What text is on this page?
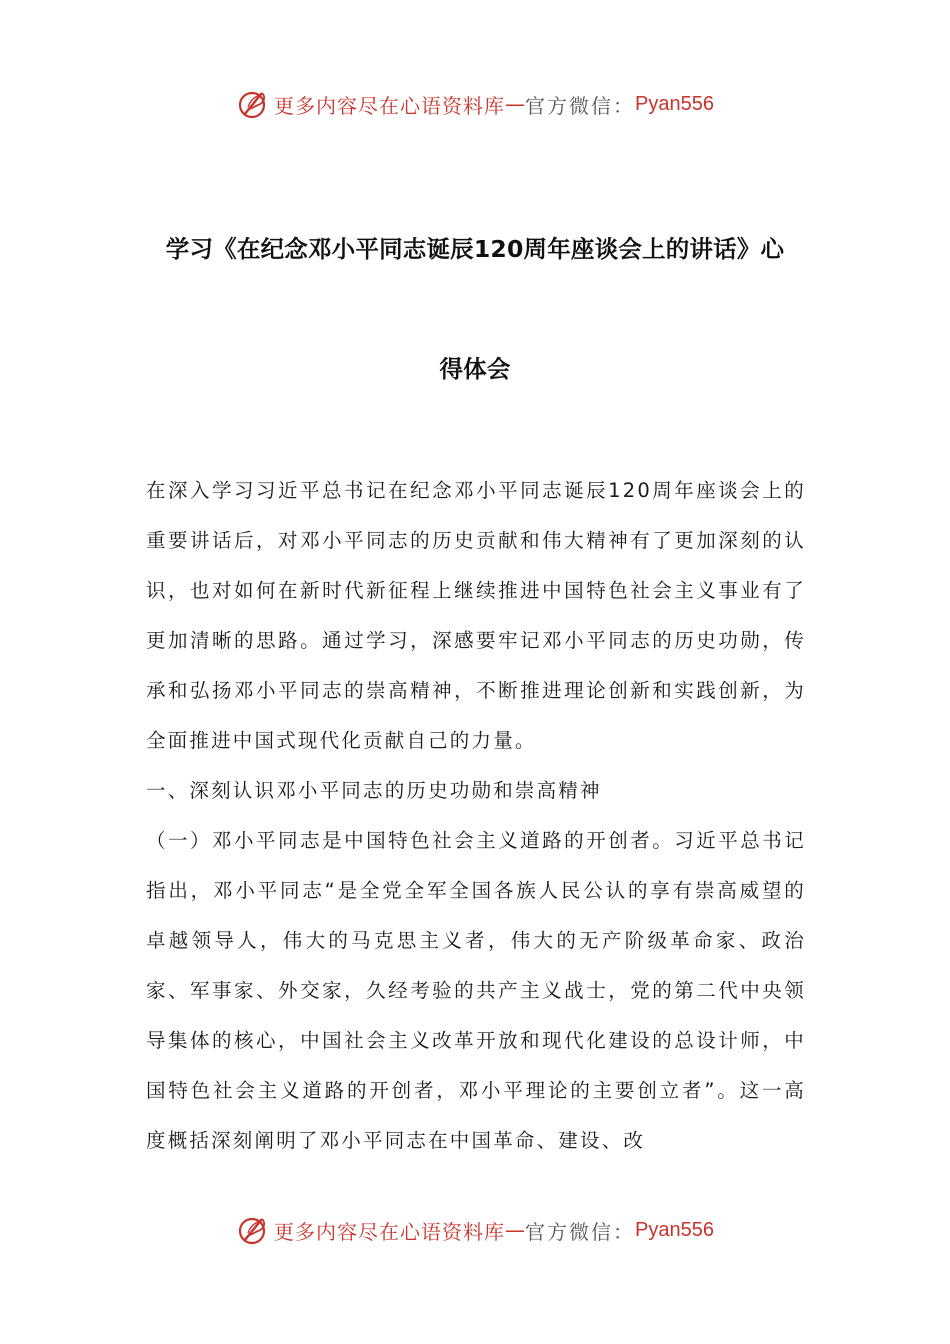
更多内容尽在心语资料库 — 官方微信： Pyan556
学习《在纪念邓小平同志诞辰120周年座谈会上的讲话》心
得体会

在深入学习习近平总书记在纪念邓小平同志诞辰120周年座谈会上的重要讲话后，对邓小平同志的历史贡献和伟大精神有了更加深刻的认识，也对如何在新时代新征程上继续推进中国特色社会主义事业有了更加清晰的思路。通过学习，深感要牢记邓小平同志的历史功勋，传承和弘扬邓小平同志的崇高精神，不断推进理论创新和实践创新，为全面推进中国式现代化贡献自己的力量。

一、深刻认识邓小平同志的历史功勋和崇高精神

（一）邓小平同志是中国特色社会主义道路的开创者。习近平总书记指出，邓小平同志“是全党全军全国各族人民公认的享有崇高威望的卓越领导人，伟大的马克思主义者，伟大的无产阶级革命家、政治家、军事家、外交家，久经考验的共产主义战士，党的第二代中央领导集体的核心，中国社会主义改革开放和现代化建设的总设计师，中国特色社会主义道路的开创者，邓小平理论的主要创立者”。这一高度概括深刻阐明了邓小平同志在中国革命、建设、改

更多内容尽在心语资料库 — 官方微信： Pyan556
